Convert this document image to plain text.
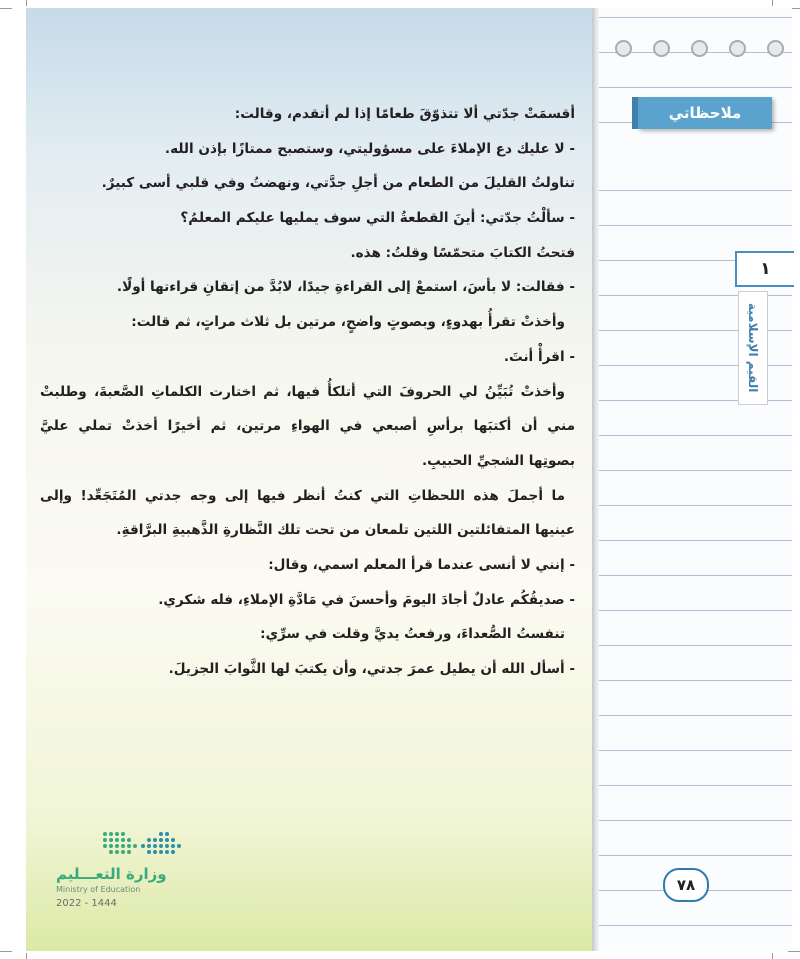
ملاحظاتي
١
القيم الإسلامية

أقسمَتْ جدّتي ألا تتذوّقَ طعامًا إذا لم أتقدم، وقالت:

- لا عليك دع الإملاءَ على مسؤوليتي، وستصبح ممتازًا بإذن الله.

تناولتُ القليلَ من الطعام من أجلِ جدَّتي، ونهضتُ وفي قلبي أسى كبيرٌ.

- سألْتُ جدّتي: أينَ القطعةُ التي سوف يمليها عليكم المعلمُ؟

فتحتُ الكتابَ متحمّسًا وقلتُ: هذه.

- فقالت: لا بأسَ، استمعْ إلى القراءةِ جيدًا، لابُدَّ من إتقانِ قراءتها أولًا.

وأخذتْ تقرأُ بهدوءٍ، وبصوتٍ واضحٍ، مرتين بل ثلاث مراتٍ، ثم قالت:

- اقرأْ أنتَ.

وأخذتْ تُبَيِّنُ لي الحروفَ التي أتلكأُ فيها، ثم اختارت الكلماتِ الصَّعبةَ، وطلبتْ

مني أن أكتبَها برأسِ أصبعي في الهواءِ مرتين، ثم أخيرًا أخذتْ تملي عليَّ

بصوتِها الشجيِّ الحبيبِ.

ما أجملَ هذه اللحظاتِ التي كنتُ أنظر فيها إلى وجه جدتي المُتَجَعِّد! وإلى

عينيها المتفائلتين اللتين تلمعان من تحت تلك النَّظارةِ الذَّهبيةِ البرَّاقةِ.

- إنني لا أنسى عندما قرأ المعلم اسمي، وقال:

- صديقُكُم عادلٌ أجادَ اليومَ وأحسنَ في مَادَّةِ الإملاءِ، فله شكري.

تنفستُ الصُّعداءَ، ورفعتُ يديَّ وقلت في سرِّي:

- أسأل الله أن يطيل عمرَ جدتي، وأن يكتبَ لها الثَّوابَ الجزيلَ.

وزارة التعـــليم
Ministry of Education
2022 - 1444
٧٨
